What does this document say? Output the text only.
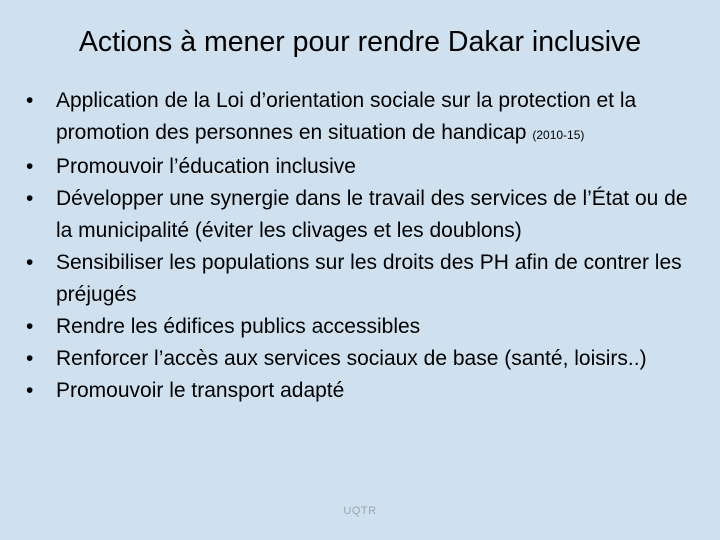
Actions à mener pour rendre Dakar inclusive
•	Application de la Loi d’orientation sociale sur la protection et la promotion des personnes en situation de handicap (2010-15)
•	Promouvoir l’éducation inclusive
•	Développer une synergie dans le travail des services de l’État ou de la municipalité (éviter les clivages et les doublons)
•	Sensibiliser les populations sur les droits des PH afin de contrer les préjugés
•	Rendre les édifices publics accessibles
•	Renforcer l’accès aux services sociaux de base (santé, loisirs..)
•	Promouvoir le transport adapté
UQTR
